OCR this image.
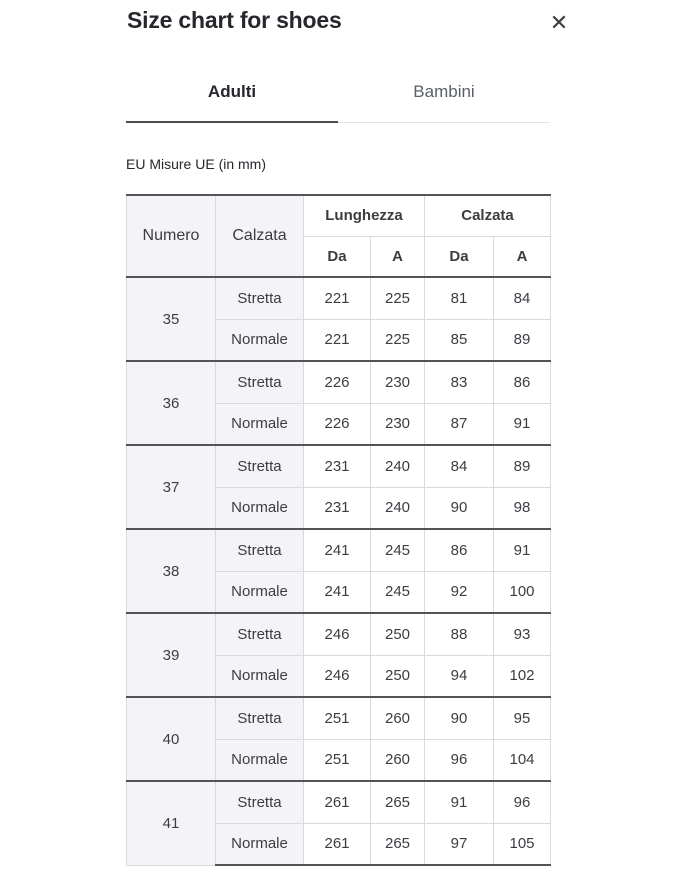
Size chart for shoes	✕
Adulti	Bambini
EU Misure UE (in mm)
Numero	Calzata	Lunghezza		Calzata	
		Da	A	Da	A
35	Stretta	221	225	81	84
	Normale	221	225	85	89
36	Stretta	226	230	83	86
	Normale	226	230	87	91
37	Stretta	231	240	84	89
	Normale	231	240	90	98
38	Stretta	241	245	86	91
	Normale	241	245	92	100
39	Stretta	246	250	88	93
	Normale	246	250	94	102
40	Stretta	251	260	90	95
	Normale	251	260	96	104
41	Stretta	261	265	91	96
	Normale	261	265	97	105
